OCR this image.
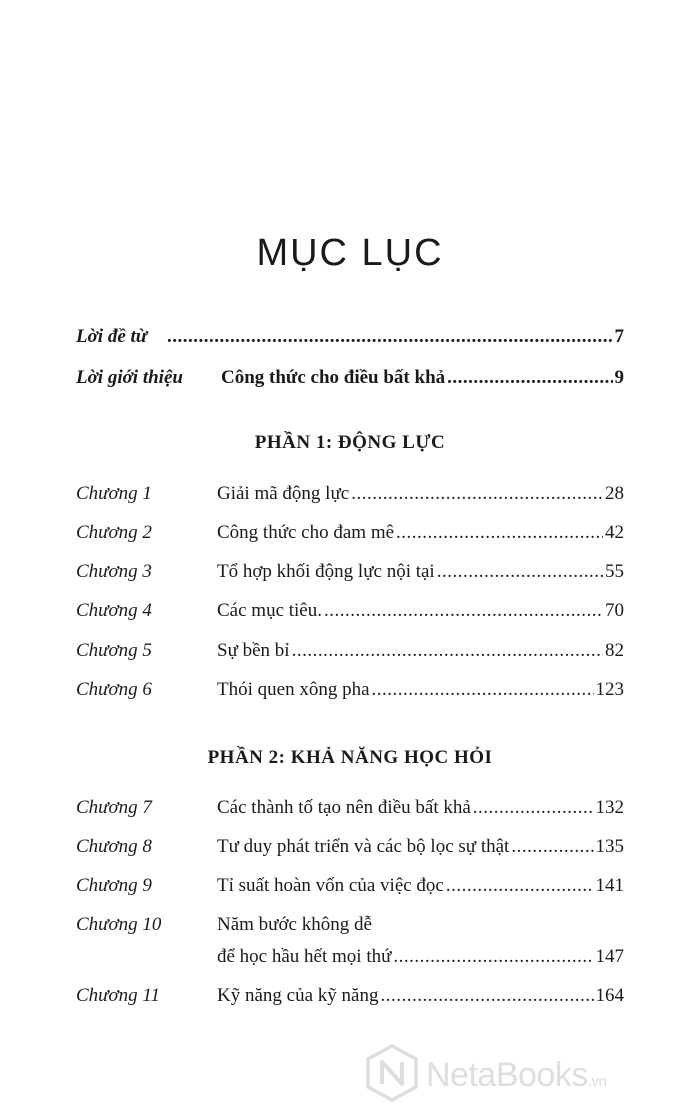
MỤC LỤC
Lời đề từ .....	7
Lời giới thiệu Công thức cho điều bất khả .....	9
PHẦN 1: ĐỘNG LỰC
Chương 1	Giải mã động lực .....	28
Chương 2	Công thức cho đam mê .....	42
Chương 3	Tổ hợp khối động lực nội tại .....	55
Chương 4	Các mục tiêu. .....	70
Chương 5	Sự bền bỉ .....	82
Chương 6	Thói quen xông pha .....	123
PHẦN 2: KHẢ NĂNG HỌC HỎI
Chương 7	Các thành tố tạo nên điều bất khả .....	132
Chương 8	Tư duy phát triển và các bộ lọc sự thật .....	135
Chương 9	Tỉ suất hoàn vốn của việc đọc .....	141
Chương 10	Năm bước không dễ
để học hầu hết mọi thứ .....	147
Chương 11	Kỹ năng của kỹ năng .....	164
NetaBooks.vn
